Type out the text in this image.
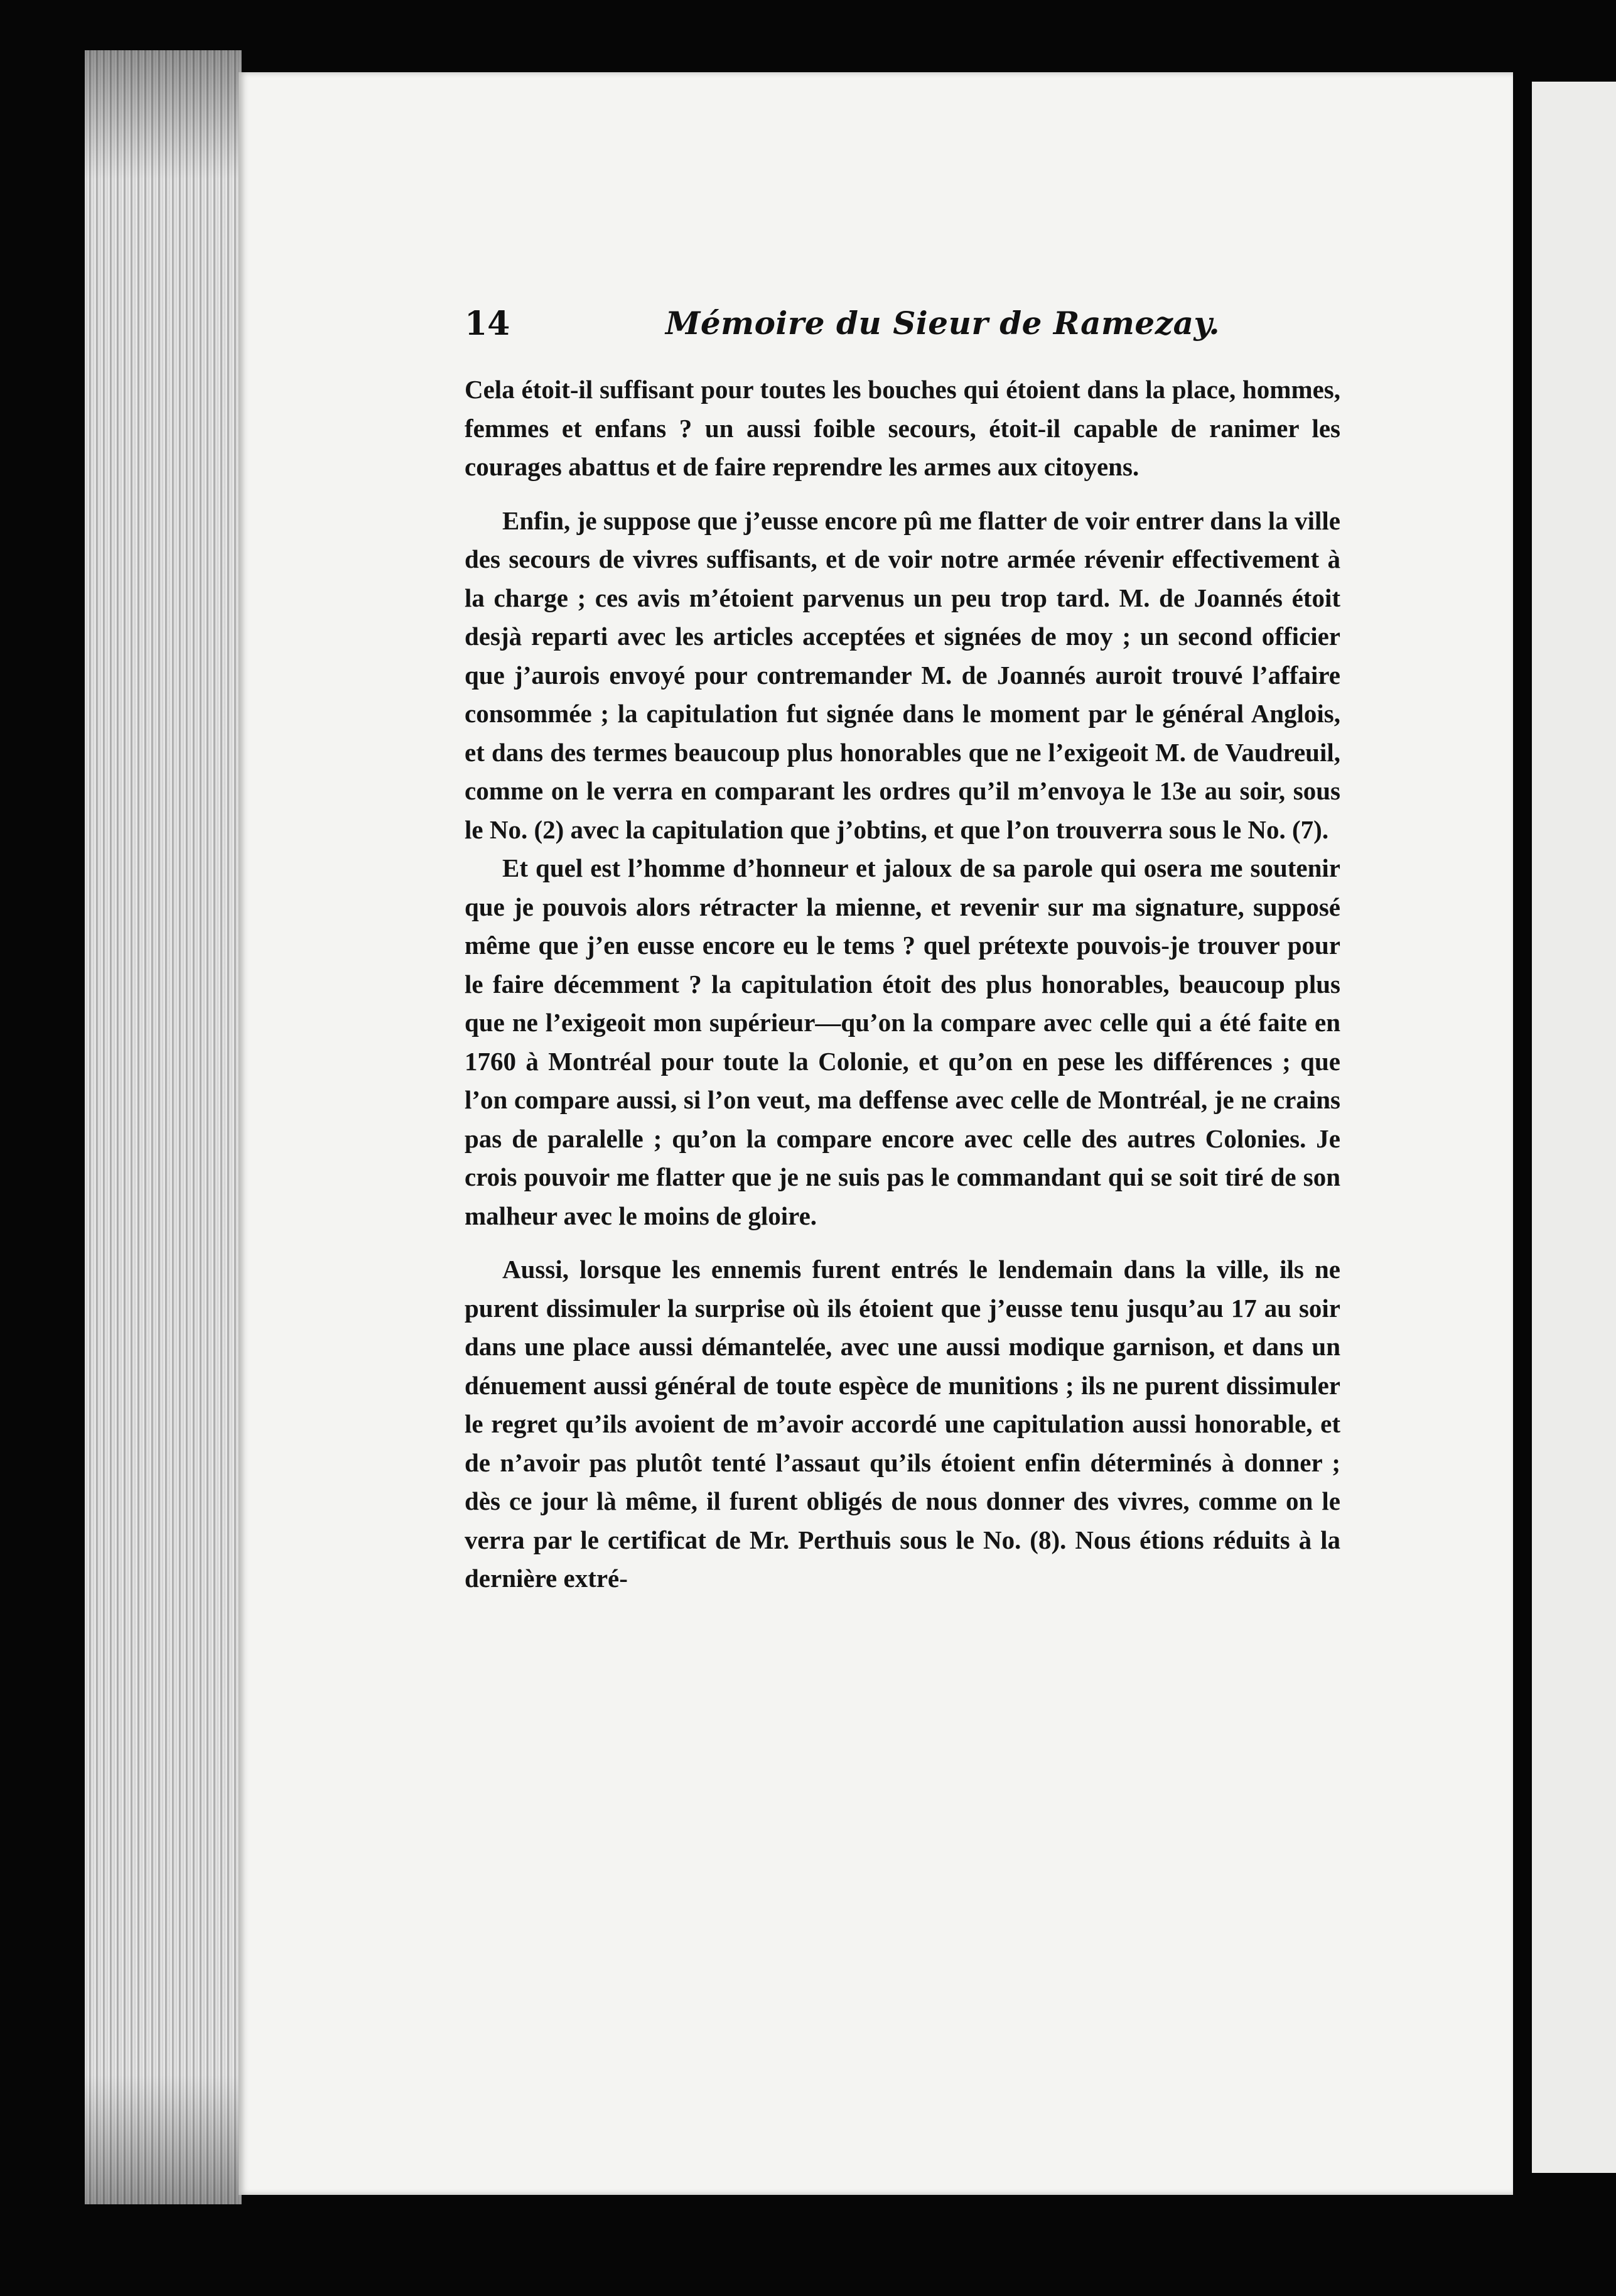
14	Mémoire du Sieur de Ramezay.

Cela étoit-il suffisant pour toutes les bouches qui étoient dans la place, hommes, femmes et enfans ? un aussi foible secours, étoit-il capable de ranimer les courages abattus et de faire reprendre les armes aux citoyens.

Enfin, je suppose que j’eusse encore pû me flatter de voir entrer dans la ville des secours de vivres suffisants, et de voir notre armée révenir effectivement à la charge ; ces avis m’étoient parvenus un peu trop tard. M. de Joannés étoit desjà reparti avec les articles acceptées et signées de moy ; un second officier que j’aurois envoyé pour contremander M. de Joannés auroit trouvé l’affaire consommée ; la capitulation fut signée dans le moment par le général Anglois, et dans des termes beaucoup plus honorables que ne l’exigeoit M. de Vaudreuil, comme on le verra en comparant les ordres qu’il m’envoya le 13e au soir, sous le No. (2) avec la capitulation que j’obtins, et que l’on trouverra sous le No. (7).

Et quel est l’homme d’honneur et jaloux de sa parole qui osera me soutenir que je pouvois alors rétracter la mienne, et revenir sur ma signature, supposé même que j’en eusse encore eu le tems ? quel prétexte pouvois-je trouver pour le faire décemment ? la capitulation étoit des plus honorables, beaucoup plus que ne l’exigeoit mon supérieur—qu’on la compare avec celle qui a été faite en 1760 à Montréal pour toute la Colonie, et qu’on en pese les différences ; que l’on compare aussi, si l’on veut, ma deffense avec celle de Montréal, je ne crains pas de paralelle ; qu’on la compare encore avec celle des autres Colonies. Je crois pouvoir me flatter que je ne suis pas le commandant qui se soit tiré de son malheur avec le moins de gloire.

Aussi, lorsque les ennemis furent entrés le lendemain dans la ville, ils ne purent dissimuler la surprise où ils étoient que j’eusse tenu jusqu’au 17 au soir dans une place aussi démantelée, avec une aussi modique garnison, et dans un dénuement aussi général de toute espèce de munitions ; ils ne purent dissimuler le regret qu’ils avoient de m’avoir accordé une capitulation aussi honorable, et de n’avoir pas plutôt tenté l’assaut qu’ils étoient enfin déterminés à donner ; dès ce jour là même, il furent obligés de nous donner des vivres, comme on le verra par le certificat de Mr. Perthuis sous le No. (8). Nous étions réduits à la dernière extré-
